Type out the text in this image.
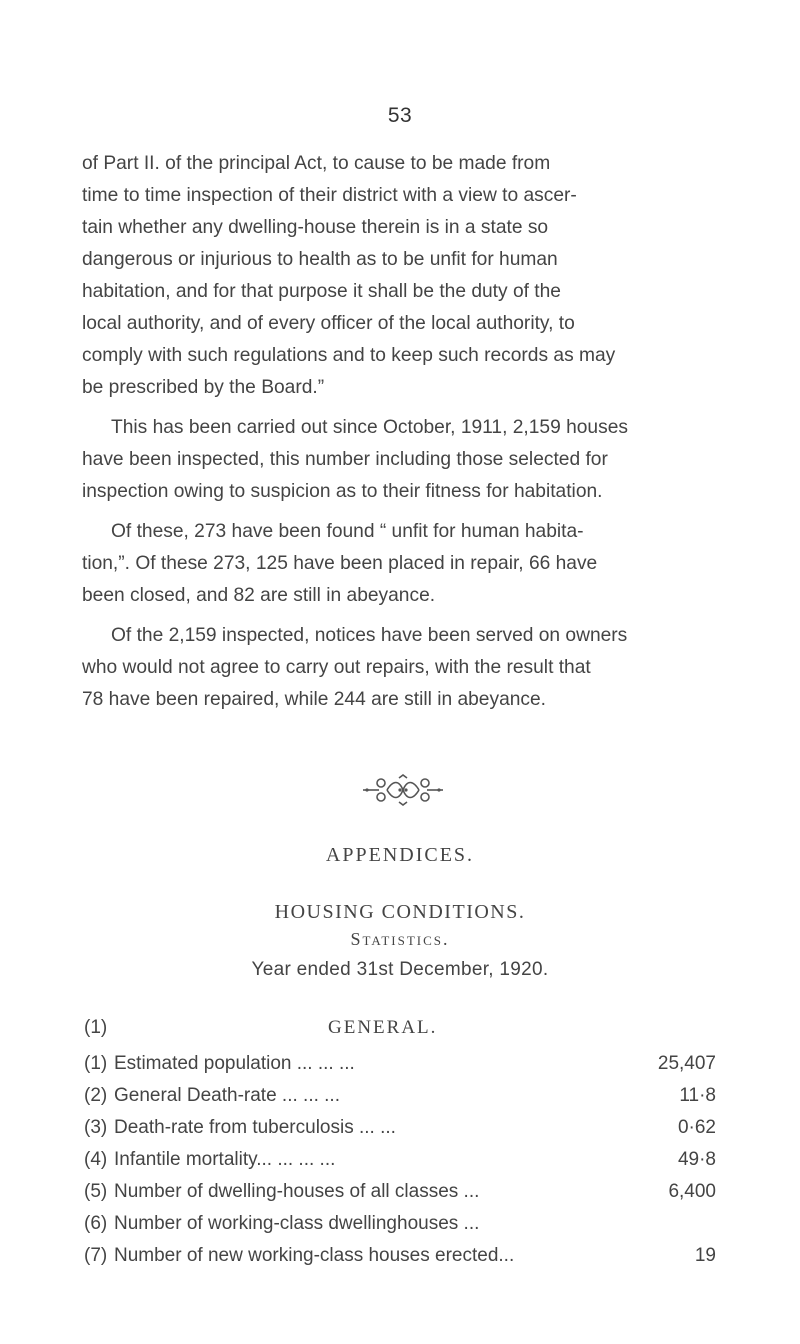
53

of Part II. of the principal Act, to cause to be made from
time to time inspection of their district with a view to ascer-
tain whether any dwelling-house therein is in a state so
dangerous or injurious to health as to be unfit for human
habitation, and for that purpose it shall be the duty of the
local authority, and of every officer of the local authority, to
comply with such regulations and to keep such records as may
be prescribed by the Board.”

This has been carried out since October, 1911, 2,159 houses
have been inspected, this number including those selected for
inspection owing to suspicion as to their fitness for habitation.

Of these, 273 have been found “ unfit for human habita-
tion,”. Of these 273, 125 have been placed in repair, 66 have
been closed, and 82 are still in abeyance.

Of the 2,159 inspected, notices have been served on owners
who would not agree to carry out repairs, with the result that
78 have been repaired, while 244 are still in abeyance.

APPENDICES.
HOUSING CONDITIONS.
Statistics.
Year ended 31st December, 1920.
(1)	GENERAL.
(1) Estimated population ... ... ...	25,407
(2) General Death-rate ... ... ...	11·8
(3) Death-rate from tuberculosis ... ...	0·62
(4) Infantile mortality... ... ... ...	49·8
(5) Number of dwelling-houses of all classes ...	6,400
(6) Number of working-class dwellinghouses ...
(7) Number of new working-class houses erected...	19
